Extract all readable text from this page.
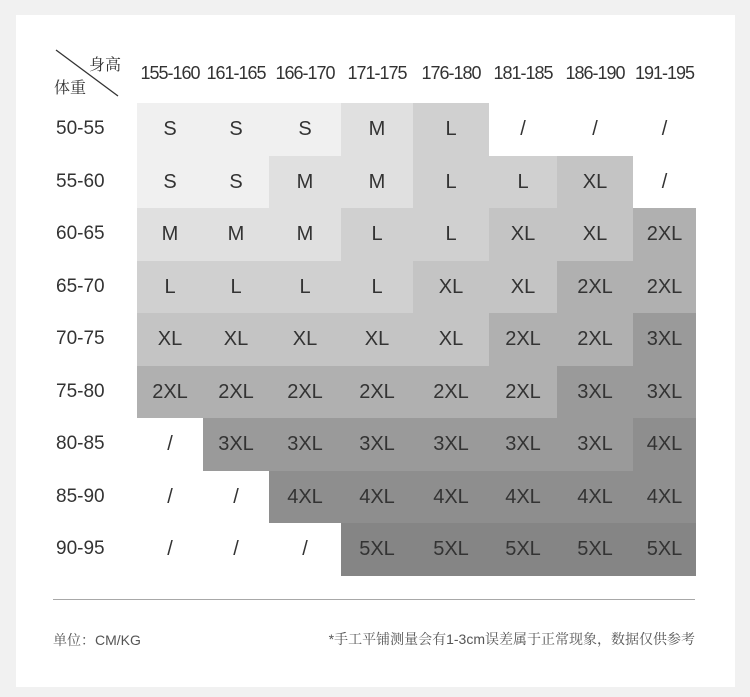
身高
体重
155-160 161-165 166-170 171-175 176-180 181-185 186-190 191-195
50-55	S	S	S	M	L	/	/	/
55-60	S	S	M	M	L	L	XL	/
60-65	M	M	M	L	L	XL	XL	2XL
65-70	L	L	L	L	XL	XL	2XL	2XL
70-75	XL	XL	XL	XL	XL	2XL	2XL	3XL
75-80	2XL	2XL	2XL	2XL	2XL	2XL	3XL	3XL
80-85	/	3XL	3XL	3XL	3XL	3XL	3XL	4XL
85-90	/	/	4XL	4XL	4XL	4XL	4XL	4XL
90-95	/	/	/	5XL	5XL	5XL	5XL	5XL
单位：CM/KG	*手工平铺测量会有1-3cm误差属于正常现象，数据仅供参考
